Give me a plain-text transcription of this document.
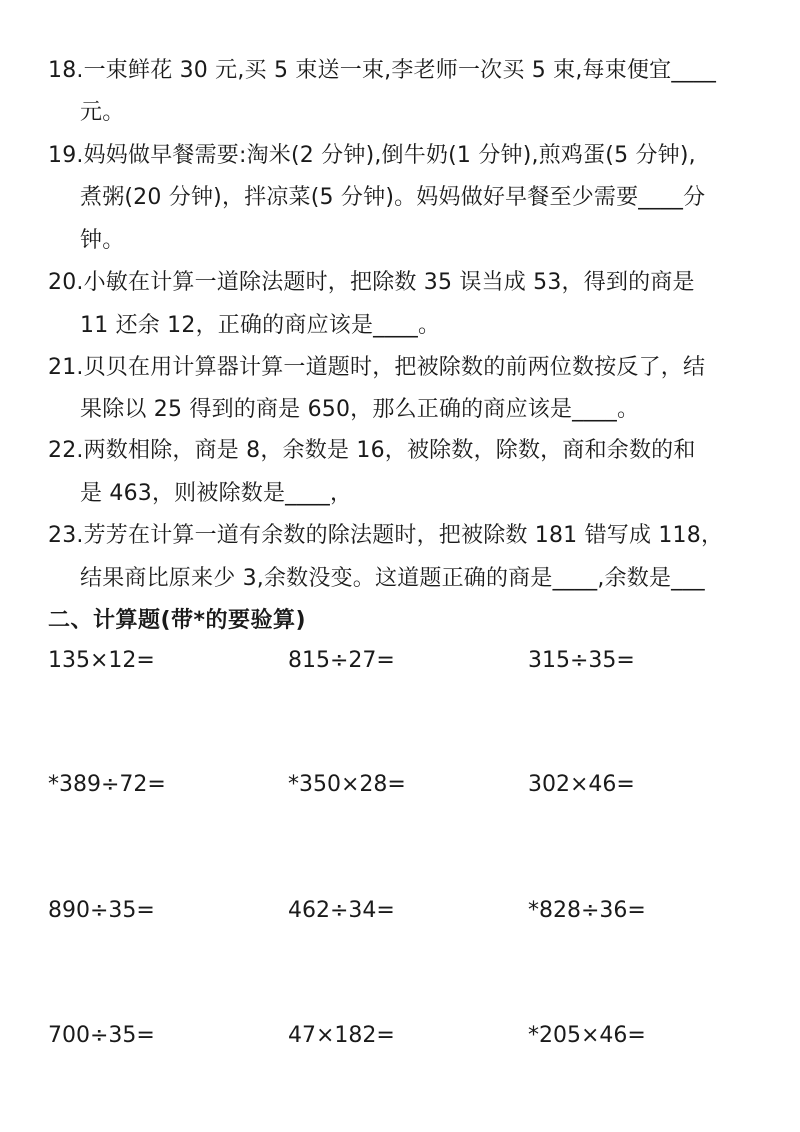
18.一束鲜花 30 元,买 5 束送一束,李老师一次买 5 束,每束便宜____
元。
19.妈妈做早餐需要:淘米(2 分钟),倒牛奶(1 分钟),煎鸡蛋(5 分钟),
煮粥(20 分钟)，拌凉菜(5 分钟)。妈妈做好早餐至少需要____分
钟。
20.小敏在计算一道除法题时，把除数 35 误当成 53，得到的商是
11 还余 12，正确的商应该是____。
21.贝贝在用计算器计算一道题时，把被除数的前两位数按反了，结
果除以 25 得到的商是 650，那么正确的商应该是____。
22.两数相除，商是 8，余数是 16，被除数，除数，商和余数的和
是 463，则被除数是____，
23.芳芳在计算一道有余数的除法题时，把被除数 181 错写成 118，
结果商比原来少 3,余数没变。这道题正确的商是____,余数是___
二、计算题(带*的要验算)
135×12=	815÷27=	315÷35=
*389÷72=	*350×28=	302×46=
890÷35=	462÷34=	*828÷36=
700÷35=	47×182=	*205×46=
